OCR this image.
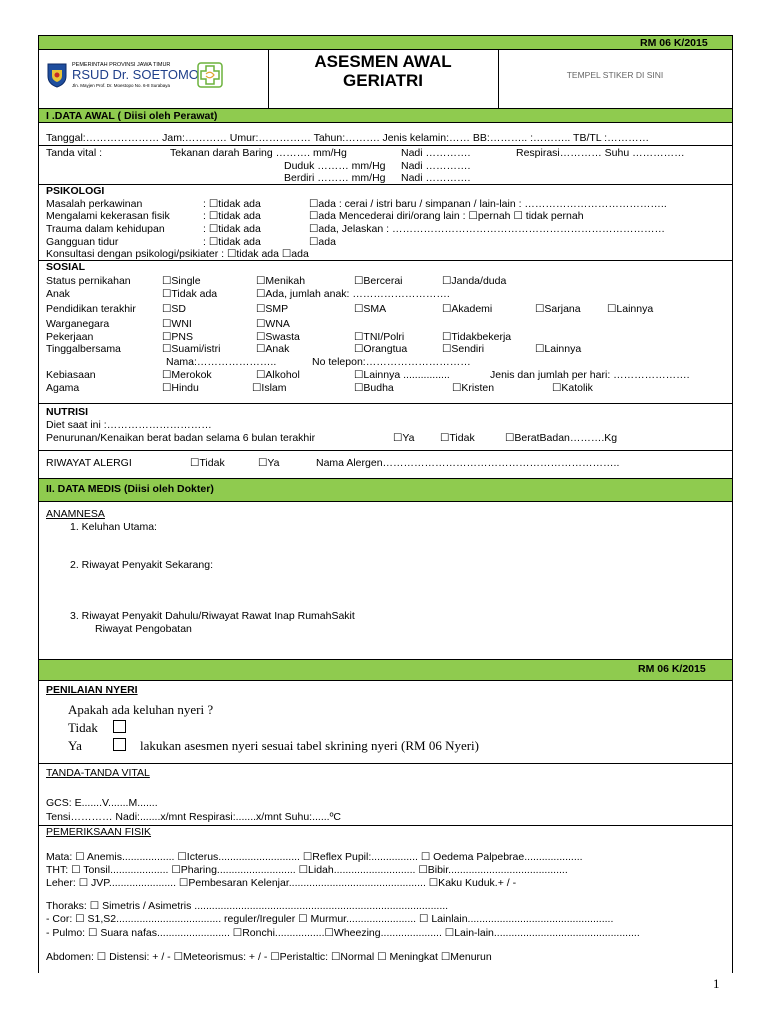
RM 06 K/2015
PEMERINTAH PROVINSI JAWA TIMUR
RSUD Dr. SOETOMO
Jln. Mayjen Prof. Dr. Moestopo No. 6-8 Surabaya
ASESMEN AWAL
GERIATRI	TEMPEL STIKER DI SINI
I .DATA AWAL ( Diisi oleh Perawat)
Tanggal:………………… Jam:………… Umur:…………… Tahun:………. Jenis kelamin:…… BB:……….. :……….. TB/TL :…………
Tanda vital :	Tekanan darah Baring ………. mm/Hg	Nadi ………….	Respirasi………… Suhu ……………
Duduk ……… mm/Hg Nadi ………….
Berdiri ……… mm/Hg Nadi ………….
PSIKOLOGI
Masalah perkawinan	: ☐tidak ada	☐ada : cerai / istri baru / simpanan / lain-lain : …………………………………..
Mengalami kekerasan fisik	: ☐tidak ada	☐ada Mencederai diri/orang lain : ☐pernah ☐ tidak pernah
Trauma dalam kehidupan	: ☐tidak ada	☐ada, Jelaskan : ……………………………………………………………………
Gangguan tidur	: ☐tidak ada	☐ada
Konsultasi dengan psikologi/psikiater : ☐tidak ada ☐ada
SOSIAL
Status pernikahan	☐Single	☐Menikah	☐Bercerai	☐Janda/duda
Anak	☐Tidak ada	☐Ada, jumlah anak: ……………………….
Pendidikan terakhir ☐SD	☐SMP	☐SMA	☐Akademi	☐Sarjana	☐Lainnya
Warganegara	☐WNI	☐WNA
Pekerjaan	☐PNS	☐Swasta	☐TNI/Polri	☐Tidakbekerja
Tinggalbersama	☐Suami/istri	☐Anak	☐Orangtua	☐Sendiri	☐Lainnya
Nama:…………………..	No telepon:…………………………
Kebiasaan	☐Merokok	☐Alkohol	☐Lainnya ................	Jenis dan jumlah per hari: ………………….
Agama	☐Hindu	☐Islam	☐Budha	☐Kristen	☐Katolik
NUTRISI
Diet saat ini :…………………………
Penurunan/Kenaikan berat badan selama 6 bulan terakhir	☐Ya ☐Tidak	☐BeratBadan……….Kg
RIWAYAT ALERGI	☐Tidak	☐Ya	Nama Alergen…………………………………………………………..
II. DATA MEDIS (Diisi oleh Dokter)
ANAMNESA
1. Keluhan Utama:
2. Riwayat Penyakit Sekarang:
3. Riwayat Penyakit Dahulu/Riwayat Rawat Inap RumahSakit
Riwayat Pengobatan
RM 06 K/2015
PENILAIAN NYERI
Apakah ada keluhan nyeri ?
Tidak
Ya	lakukan asesmen nyeri sesuai tabel skrining nyeri (RM 06 Nyeri)
TANDA-TANDA VITAL
GCS: E.......V.......M.......
Tensi………… Nadi:.......x/mnt Respirasi:.......x/mnt Suhu:......ºC
PEMERIKSAAN FISIK
Mata: ☐ Anemis.................. ☐Icterus............................ ☐Reflex Pupil:................ ☐ Oedema Palpebrae....................
THT: ☐ Tonsil.................... ☐Pharing........................... ☐Lidah............................ ☐Bibir.........................................
Leher: ☐ JVP....................... ☐Pembesaran Kelenjar............................................... ☐Kaku Kuduk.+ / -
Thoraks: ☐ Simetris / Asimetris .......................................................................................
- Cor: ☐ S1,S2.................................... reguler/Ireguler ☐ Murmur........................ ☐ Lainlain..................................................
- Pulmo: ☐ Suara nafas......................... ☐Ronchi.................☐Wheezing..................... ☐Lain-lain..................................................
Abdomen: ☐ Distensi: + / - ☐Meteorismus: + / - ☐Peristaltic: ☐Normal ☐ Meningkat ☐Menurun
1
